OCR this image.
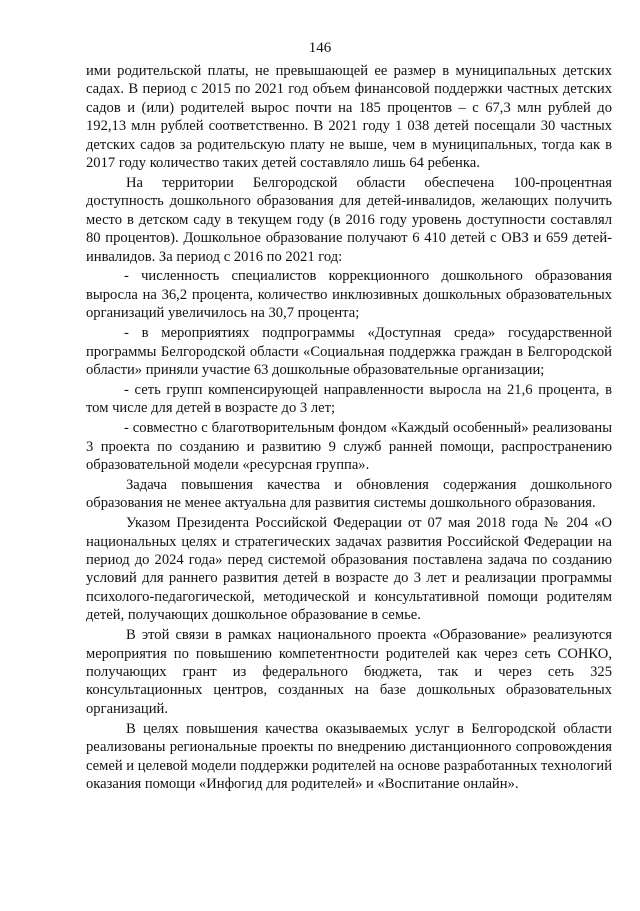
146

ими родительской платы, не превышающей ее размер в муниципальных детских садах. В период с 2015 по 2021 год объем финансовой поддержки частных детских садов и (или) родителей вырос почти на 185 процентов – с 67,3 млн рублей до 192,13 млн рублей соответственно. В 2021 году 1 038 детей посещали 30 частных детских садов за родительскую плату не выше, чем в муниципальных, тогда как в 2017 году количество таких детей составляло лишь 64 ребенка.

На территории Белгородской области обеспечена 100-процентная доступность дошкольного образования для детей-инвалидов, желающих получить место в детском саду в текущем году (в 2016 году уровень доступности составлял 80 процентов). Дошкольное образование получают 6 410 детей с ОВЗ и 659 детей-инвалидов. За период с 2016 по 2021 год:

- численность специалистов коррекционного дошкольного образования выросла на 36,2 процента, количество инклюзивных дошкольных образовательных организаций увеличилось на 30,7 процента;

- в мероприятиях подпрограммы «Доступная среда» государственной программы Белгородской области «Социальная поддержка граждан в Белгородской области» приняли участие 63 дошкольные образовательные организации;

- сеть групп компенсирующей направленности выросла на 21,6 процента, в том числе для детей в возрасте до 3 лет;

- совместно с благотворительным фондом «Каждый особенный» реализованы 3 проекта по созданию и развитию 9 служб ранней помощи, распространению образовательной модели «ресурсная группа».

Задача повышения качества и обновления содержания дошкольного образования не менее актуальна для развития системы дошкольного образования.

Указом Президента Российской Федерации от 07 мая 2018 года № 204 «О национальных целях и стратегических задачах развития Российской Федерации на период до 2024 года» перед системой образования поставлена задача по созданию условий для раннего развития детей в возрасте до 3 лет и реализации программы психолого-педагогической, методической и консультативной помощи родителям детей, получающих дошкольное образование в семье.

В этой связи в рамках национального проекта «Образование» реализуются мероприятия по повышению компетентности родителей как через сеть СОНКО, получающих грант из федерального бюджета, так и через сеть 325 консультационных центров, созданных на базе дошкольных образовательных организаций.

В целях повышения качества оказываемых услуг в Белгородской области реализованы региональные проекты по внедрению дистанционного сопровождения семей и целевой модели поддержки родителей на основе разработанных технологий оказания помощи «Инфогид для родителей» и «Воспитание онлайн».
